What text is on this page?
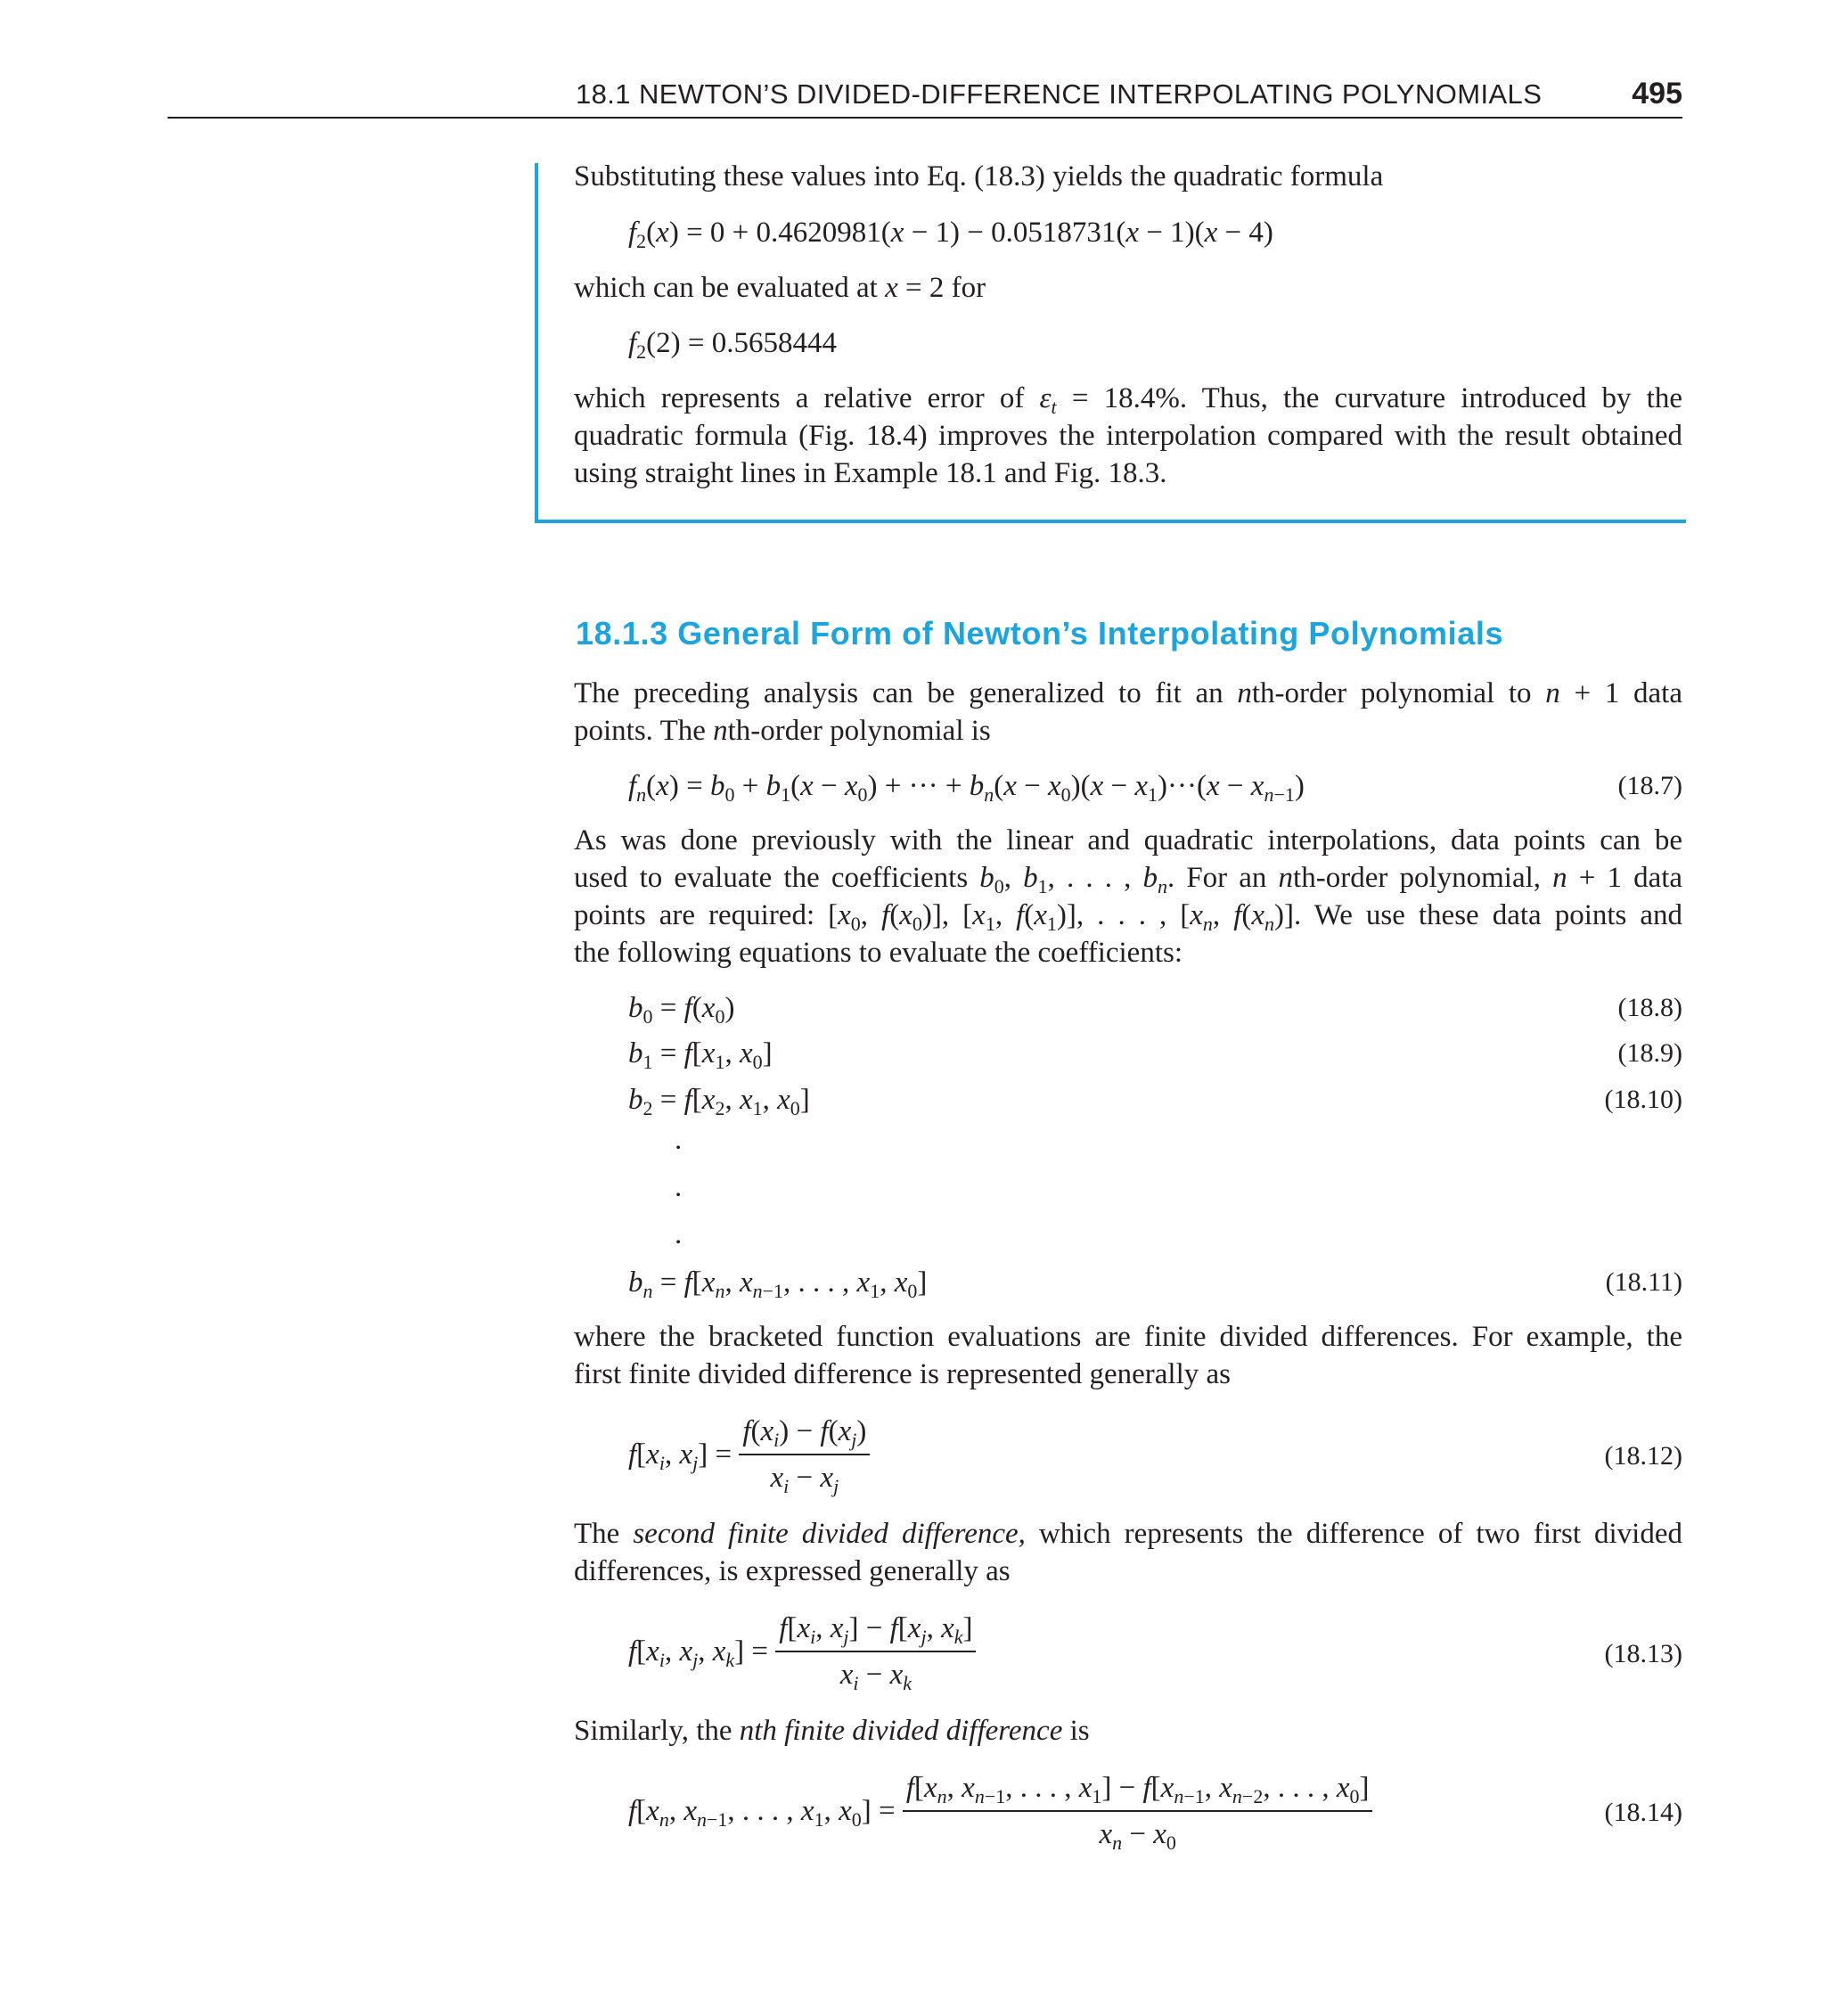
18.1 NEWTON’S DIVIDED-DIFFERENCE INTERPOLATING POLYNOMIALS	495
Substituting these values into Eq. (18.3) yields the quadratic formula
$f_2(x) = 0 + 0.4620981(x - 1) - 0.0518731(x - 1)(x - 4)$
which can be evaluated at x = 2 for
$f_2(2) = 0.5658444$
which represents a relative error of $\varepsilon_t = 18.4\%$. Thus, the curvature introduced by the
quadratic formula (Fig. 18.4) improves the interpolation compared with the result obtained
using straight lines in Example 18.1 and Fig. 18.3.
18.1.3 General Form of Newton’s Interpolating Polynomials
The preceding analysis can be generalized to fit an nth-order polynomial to n + 1 data
points. The nth-order polynomial is
$f_n(x) = b_0 + b_1(x - x_0)$ + ··· + $b_n(x - x_0)(x - x_1)\cdot\cdot\cdot(x - x_{n-1})$	(18.7)
As was done previously with the linear and quadratic interpolations, data points can be
used to evaluate the coefficients $b_0$, $b_1$, . . . , $b_n$. For an nth-order polynomial, n + 1 data
points are required: [$x_0$, $f(x_0)$], [$x_1$, $f(x_1)$], . . . , [$x_n$, $f(x_n)$]. We use these data points and
the following equations to evaluate the coefficients:
$b_0 = f(x_0)$	(18.8)
$b_1 = f[x_1$, $x_0$]	(18.9)
$b_2 = f[x_2$, $x_1$, $x_0$]	(18.10)
.
.
.
$b_n = f[x_n$, $x_{n-1}$, . . . , $x_1$, $x_0$]	(18.11)
where the bracketed function evaluations are finite divided differences. For example, the
first finite divided difference is represented generally as
$f[x_i$, $x_j] = \frac{f(x_i) - f(x_j)}{x_i - x_j}$	(18.12)
The second finite divided difference, which represents the difference of two first divided
differences, is expressed generally as
$f[x_i$, $x_j$, $x_k] = \frac{f[x_i, x_j] - f[x_j, x_k]}{x_i - x_k}$	(18.13)
Similarly, the nth finite divided difference is
$f[x_n$, $x_{n-1}$, . . . , $x_1$, $x_0] = \frac{f[x_n, x_{n-1}, . . . , x_1] - f[x_{n-1}, x_{n-2}, . . . , x_0]}{x_n - x_0}$	(18.14)
